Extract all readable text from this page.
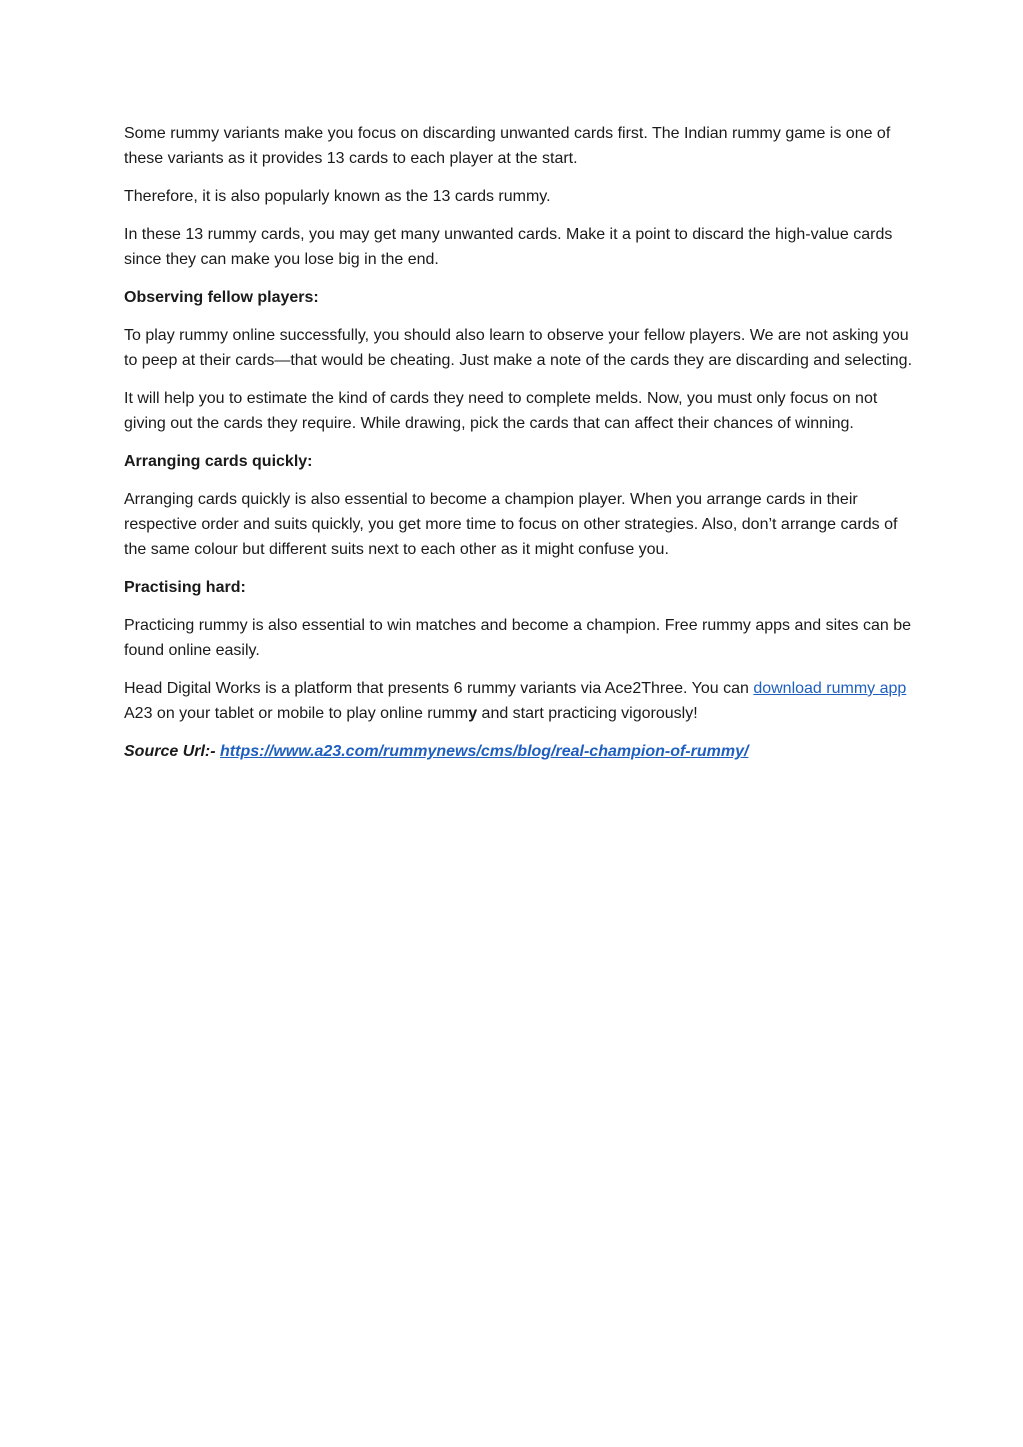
Some rummy variants make you focus on discarding unwanted cards first. The Indian rummy game is one of these variants as it provides 13 cards to each player at the start.

Therefore, it is also popularly known as the 13 cards rummy.

In these 13 rummy cards, you may get many unwanted cards. Make it a point to discard the high-value cards since they can make you lose big in the end.

Observing fellow players:

To play rummy online successfully, you should also learn to observe your fellow players. We are not asking you to peep at their cards—that would be cheating. Just make a note of the cards they are discarding and selecting.

It will help you to estimate the kind of cards they need to complete melds. Now, you must only focus on not giving out the cards they require. While drawing, pick the cards that can affect their chances of winning.

Arranging cards quickly:

Arranging cards quickly is also essential to become a champion player. When you arrange cards in their respective order and suits quickly, you get more time to focus on other strategies. Also, don’t arrange cards of the same colour but different suits next to each other as it might confuse you.

Practising hard:

Practicing rummy is also essential to win matches and become a champion. Free rummy apps and sites can be found online easily.

Head Digital Works is a platform that presents 6 rummy variants via Ace2Three. You can download rummy app A23 on your tablet or mobile to play online rummy and start practicing vigorously!

Source Url:- https://www.a23.com/rummynews/cms/blog/real-champion-of-rummy/
